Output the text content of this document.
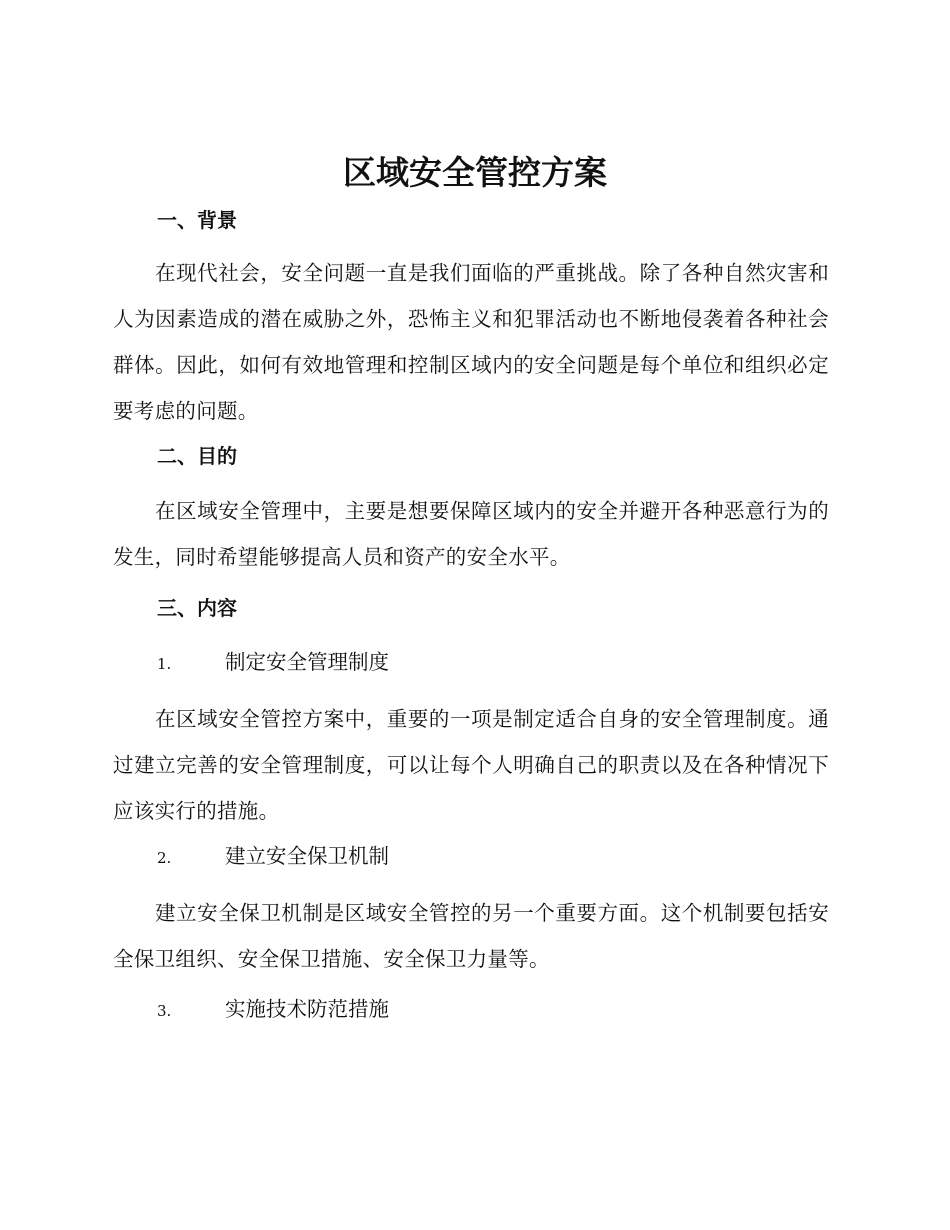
区域安全管控方案
一、背景

在现代社会，安全问题一直是我们面临的严重挑战。除了各种自然灾害和人为因素造成的潜在威胁之外，恐怖主义和犯罪活动也不断地侵袭着各种社会群体。因此，如何有效地管理和控制区域内的安全问题是每个单位和组织必定要考虑的问题。

二、目的

在区域安全管理中，主要是想要保障区域内的安全并避开各种恶意行为的发生，同时希望能够提高人员和资产的安全水平。

三、内容
1.	制定安全管理制度

在区域安全管控方案中，重要的一项是制定适合自身的安全管理制度。通过建立完善的安全管理制度，可以让每个人明确自己的职责以及在各种情况下应该实行的措施。

2.	建立安全保卫机制

建立安全保卫机制是区域安全管控的另一个重要方面。这个机制要包括安全保卫组织、安全保卫措施、安全保卫力量等。

3.	实施技术防范措施
